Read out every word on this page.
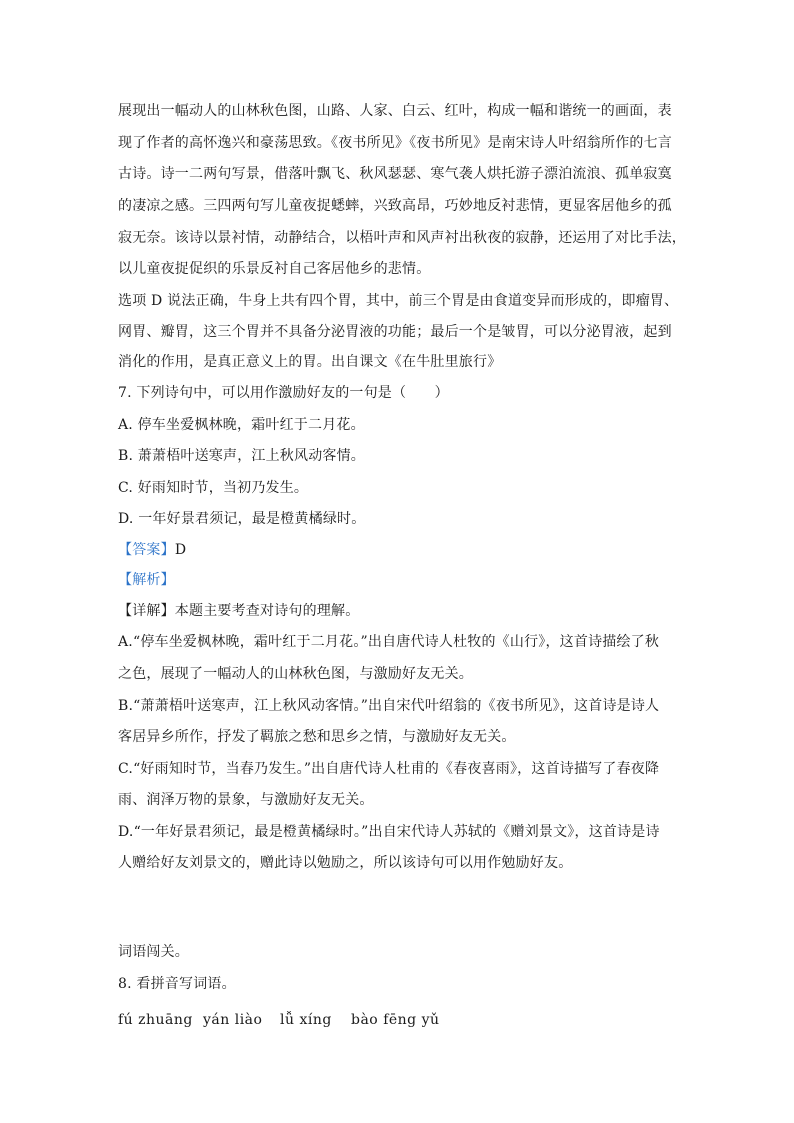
展现出一幅动人的山林秋色图，山路、人家、白云、红叶，构成一幅和谐统一的画面，表
现了作者的高怀逸兴和豪荡思致。《夜书所见》《夜书所见》是南宋诗人叶绍翁所作的七言
古诗。诗一二两句写景，借落叶飘飞、秋风瑟瑟、寒气袭人烘托游子漂泊流浪、孤单寂寞
的凄凉之感。三四两句写儿童夜捉蟋蟀，兴致高昂，巧妙地反衬悲情，更显客居他乡的孤
寂无奈。该诗以景衬情，动静结合，以梧叶声和风声衬出秋夜的寂静，还运用了对比手法，
以儿童夜捉促织的乐景反衬自己客居他乡的悲情。
选项 D 说法正确，牛身上共有四个胃，其中，前三个胃是由食道变异而形成的，即瘤胃、
网胃、瓣胃，这三个胃并不具备分泌胃液的功能；最后一个是皱胃，可以分泌胃液，起到
消化的作用，是真正意义上的胃。出自课文《在牛肚里旅行》
7. 下列诗句中，可以用作激励好友的一句是（　　）
A. 停车坐爱枫林晚，霜叶红于二月花。
B. 萧萧梧叶送寒声，江上秋风动客情。
C. 好雨知时节，当初乃发生。
D. 一年好景君须记，最是橙黄橘绿时。
【答案】D
【解析】
【详解】本题主要考查对诗句的理解。
A.“停车坐爱枫林晚，霜叶红于二月花。”出自唐代诗人杜牧的《山行》，这首诗描绘了秋
之色，展现了一幅动人的山林秋色图，与激励好友无关。
B.“萧萧梧叶送寒声，江上秋风动客情。”出自宋代叶绍翁的《夜书所见》，这首诗是诗人
客居异乡所作，抒发了羁旅之愁和思乡之情，与激励好友无关。
C.“好雨知时节，当春乃发生。”出自唐代诗人杜甫的《春夜喜雨》，这首诗描写了春夜降
雨、润泽万物的景象，与激励好友无关。
D.“一年好景君须记，最是橙黄橘绿时。”出自宋代诗人苏轼的《赠刘景文》，这首诗是诗
人赠给好友刘景文的，赠此诗以勉励之，所以该诗句可以用作勉励好友。
词语闯关。
8. 看拼音写词语。
fú zhuāng yán liào lǚ xíng bào fēng yǔ
